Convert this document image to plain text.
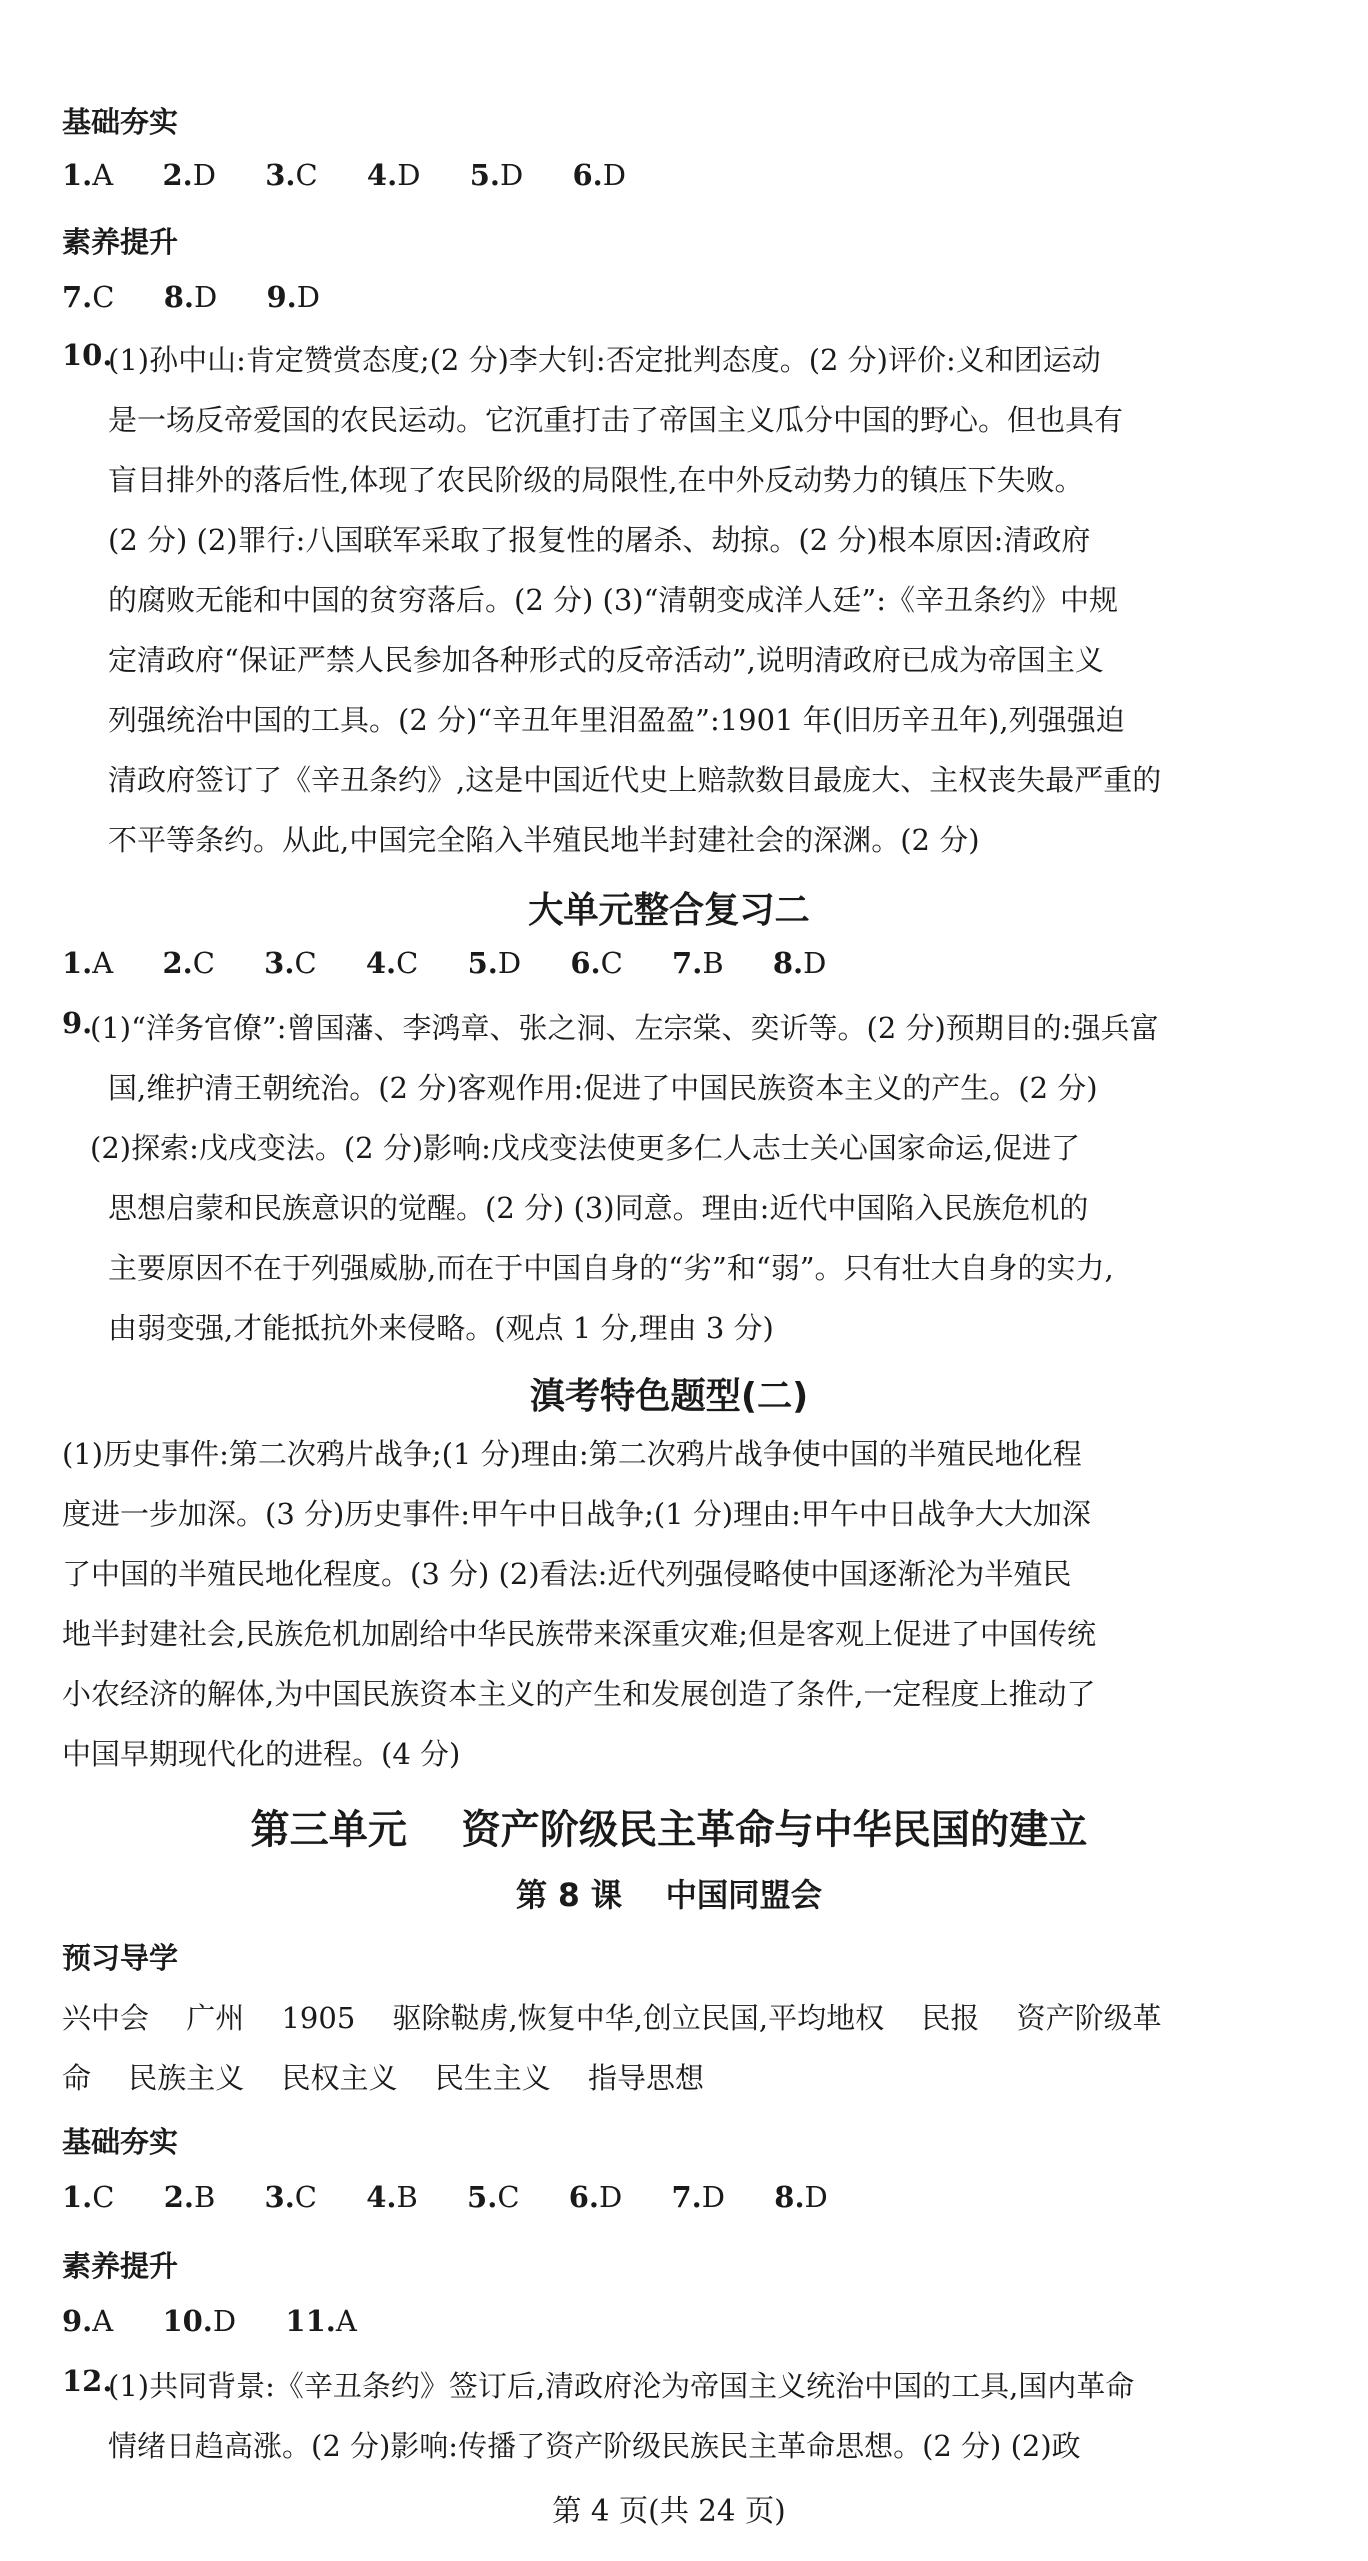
基础夯实
1.A 2.D 3.C 4.D 5.D 6.D
素养提升
7.C 8.D 9.D
10.
(1)孙中山:肯定赞赏态度;(2 分)李大钊:否定批判态度。(2 分)评价:义和团运动
是一场反帝爱国的农民运动。它沉重打击了帝国主义瓜分中国的野心。但也具有
盲目排外的落后性,体现了农民阶级的局限性,在中外反动势力的镇压下失败。
(2 分) (2)罪行:八国联军采取了报复性的屠杀、劫掠。(2 分)根本原因:清政府
的腐败无能和中国的贫穷落后。(2 分) (3)“清朝变成洋人廷”:《辛丑条约》中规
定清政府“保证严禁人民参加各种形式的反帝活动”,说明清政府已成为帝国主义
列强统治中国的工具。(2 分)“辛丑年里泪盈盈”:1901 年(旧历辛丑年),列强强迫
清政府签订了《辛丑条约》,这是中国近代史上赔款数目最庞大、主权丧失最严重的
不平等条约。从此,中国完全陷入半殖民地半封建社会的深渊。(2 分)
大单元整合复习二
1.A 2.C 3.C 4.C 5.D 6.C 7.B 8.D
9.
(1)“洋务官僚”:曾国藩、李鸿章、张之洞、左宗棠、奕䜣等。(2 分)预期目的:强兵富
国,维护清王朝统治。(2 分)客观作用:促进了中国民族资本主义的产生。(2 分)
(2)探索:戊戌变法。(2 分)影响:戊戌变法使更多仁人志士关心国家命运,促进了
思想启蒙和民族意识的觉醒。(2 分) (3)同意。理由:近代中国陷入民族危机的
主要原因不在于列强威胁,而在于中国自身的“劣”和“弱”。只有壮大自身的实力,
由弱变强,才能抵抗外来侵略。(观点 1 分,理由 3 分)
滇考特色题型(二)
(1)历史事件:第二次鸦片战争;(1 分)理由:第二次鸦片战争使中国的半殖民地化程
度进一步加深。(3 分)历史事件:甲午中日战争;(1 分)理由:甲午中日战争大大加深
了中国的半殖民地化程度。(3 分) (2)看法:近代列强侵略使中国逐渐沦为半殖民
地半封建社会,民族危机加剧给中华民族带来深重灾难;但是客观上促进了中国传统
小农经济的解体,为中国民族资本主义的产生和发展创造了条件,一定程度上推动了
中国早期现代化的进程。(4 分)
第三单元    资产阶级民主革命与中华民国的建立
第 8 课    中国同盟会
预习导学
兴中会 广州 1905 驱除鞑虏,恢复中华,创立民国,平均地权 民报 资产阶级革
命 民族主义 民权主义 民生主义 指导思想
基础夯实
1.C 2.B 3.C 4.B 5.C 6.D 7.D 8.D
素养提升
9.A 10.D 11.A
12.
(1)共同背景:《辛丑条约》签订后,清政府沦为帝国主义统治中国的工具,国内革命
情绪日趋高涨。(2 分)影响:传播了资产阶级民族民主革命思想。(2 分) (2)政
第 4 页(共 24 页)
